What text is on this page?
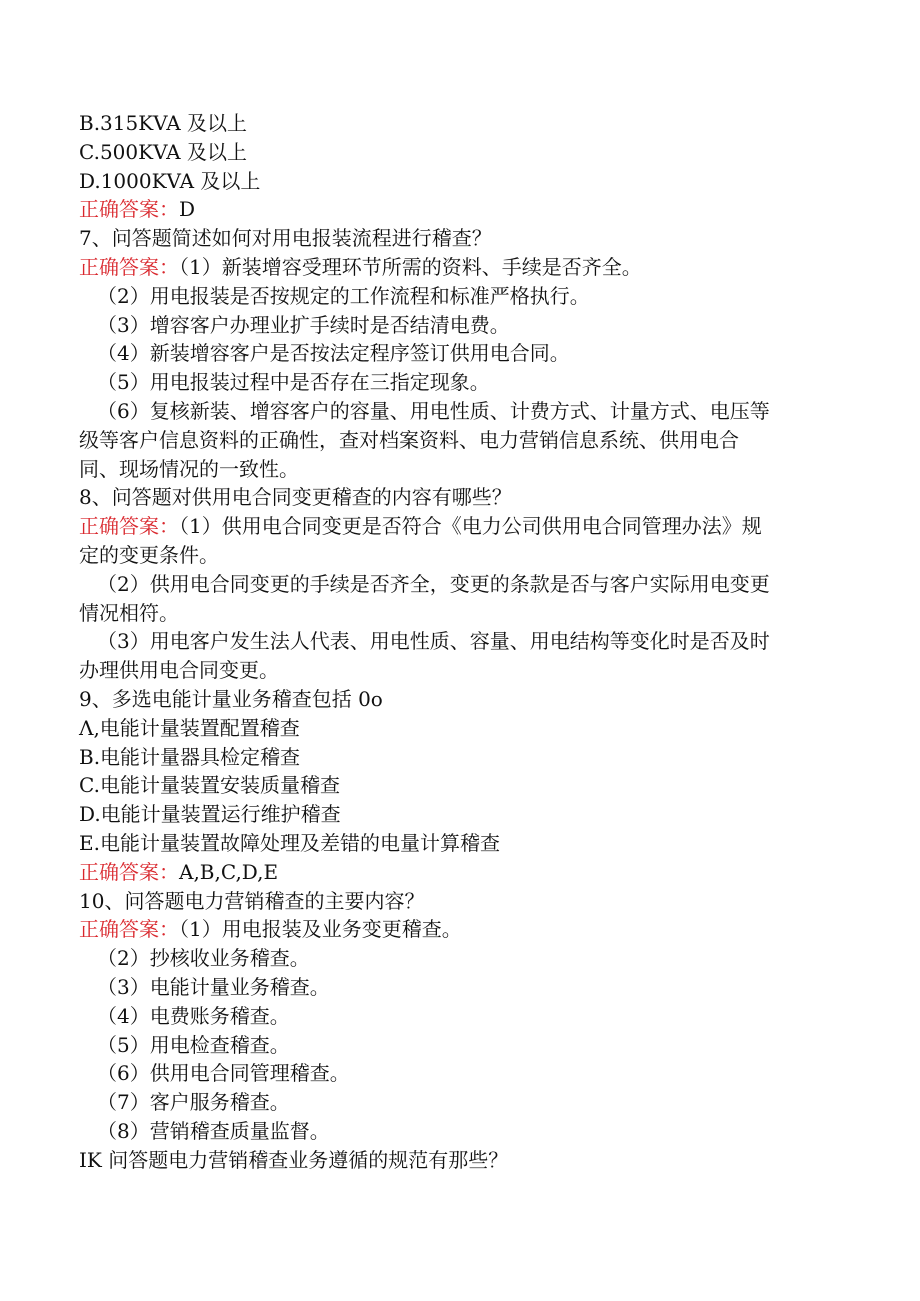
B.315KVA 及以上

C.500KVA 及以上

D.1000KVA 及以上

正确答案：D

7、问答题简述如何对用电报装流程进行稽查？

正确答案：（1）新装增容受理环节所需的资料、手续是否齐全。

（2）用电报装是否按规定的工作流程和标准严格执行。

（3）增容客户办理业扩手续时是否结清电费。

（4）新装增容客户是否按法定程序签订供用电合同。

（5）用电报装过程中是否存在三指定现象。

（6）复核新装、增容客户的容量、用电性质、计费方式、计量方式、电压等

级等客户信息资料的正确性，查对档案资料、电力营销信息系统、供用电合

同、现场情况的一致性。

8、问答题对供用电合同变更稽查的内容有哪些？

正确答案：（1）供用电合同变更是否符合《电力公司供用电合同管理办法》规

定的变更条件。

（2）供用电合同变更的手续是否齐全，变更的条款是否与客户实际用电变更

情况相符。

（3）用电客户发生法人代表、用电性质、容量、用电结构等变化时是否及时

办理供用电合同变更。

9、多选电能计量业务稽查包括 0o

Λ,电能计量装置配置稽查

B.电能计量器具检定稽查

C.电能计量装置安装质量稽查

D.电能计量装置运行维护稽查

E.电能计量装置故障处理及差错的电量计算稽查

正确答案：A,B,C,D,E

10、问答题电力营销稽查的主要内容？

正确答案：（1）用电报装及业务变更稽查。

（2）抄核收业务稽查。

（3）电能计量业务稽查。

（4）电费账务稽查。

（5）用电检查稽查。

（6）供用电合同管理稽查。

（7）客户服务稽查。

（8）营销稽查质量监督。

IK 问答题电力营销稽查业务遵循的规范有那些？
